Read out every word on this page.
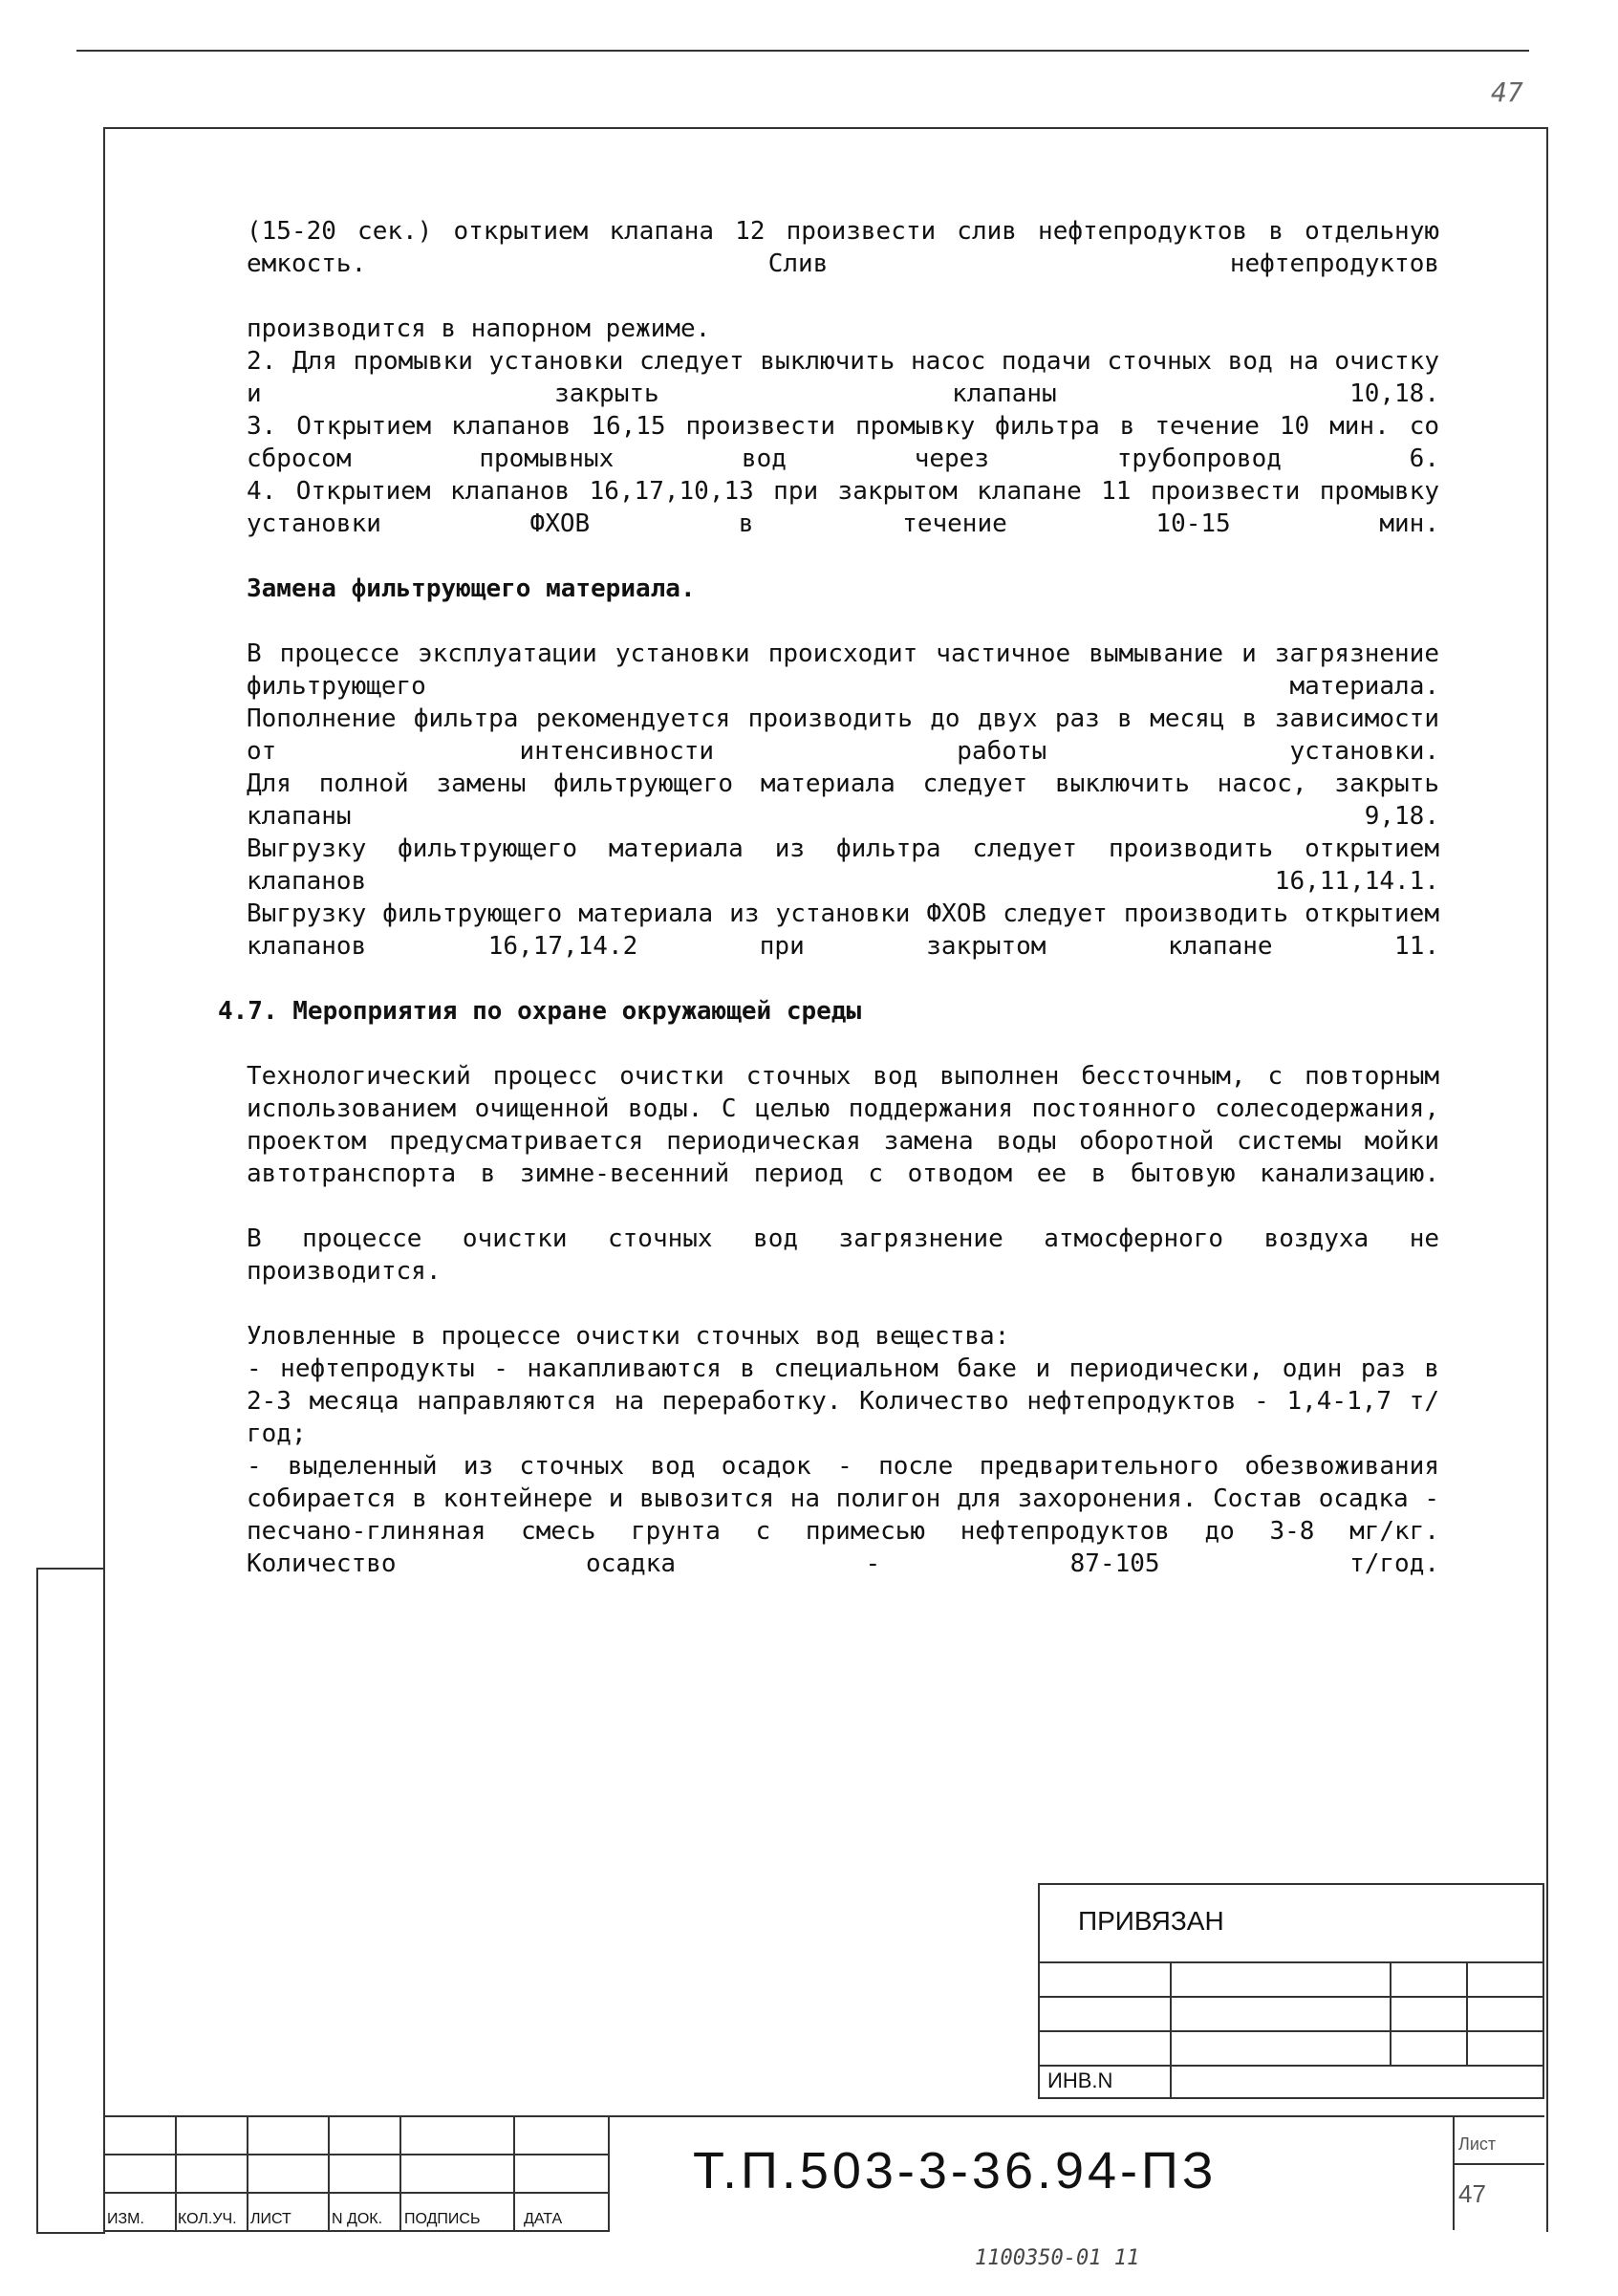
47

(15-20 сек.) открытием клапана 12 произвести слив нефтепродуктов в отдельную емкость. Слив нефтепродуктов

производится в напорном режиме.

2. Для промывки установки следует выключить насос подачи сточных вод на очистку и закрыть клапаны 10,18.

3. Открытием клапанов 16,15 произвести промывку фильтра в течение 10 мин. со сбросом промывных вод через трубопровод 6.

4. Открытием клапанов 16,17,10,13 при закрытом клапане 11 произвести промывку установки ФХОВ в течение 10-15 мин.

Замена фильтрующего материала.

В процессе эксплуатации установки происходит частичное вымывание и загрязнение фильтрующего материала.

Пополнение фильтра рекомендуется производить до двух раз в месяц в зависимости от интенсивности работы установки.

Для полной замены фильтрующего материала следует выключить насос, закрыть клапаны 9,18.

Выгрузку фильтрующего материала из фильтра следует производить открытием клапанов 16,11,14.1.

Выгрузку фильтрующего материала из установки ФХОВ следует производить открытием клапанов 16,17,14.2 при закрытом клапане 11.

4.7. Мероприятия по охране окружающей среды

Технологический процесс очистки сточных вод выполнен бессточным, с повторным использованием очищенной воды. С целью поддержания постоянного солесодержания, проектом предусматривается периодическая замена воды оборотной системы мойки автотранспорта в зимне-весенний период с отводом ее в бытовую канализацию.

В процессе очистки сточных вод загрязнение атмосферного воздуха не производится.

Уловленные в процессе очистки сточных вод вещества:

- нефтепродукты - накапливаются в специальном баке и периодически, один раз в 2-3 месяца направляются на переработку. Количество нефтепродуктов - 1,4-1,7 т/год;

- выделенный из сточных вод осадок - после предварительного обезвоживания собирается в контейнере и вывозится на полигон для захоронения. Состав осадка - песчано-глиняная смесь грунта с примесью нефтепродуктов до 3-8 мг/кг. Количество осадка - 87-105 т/год.

ПРИВЯЗАН
ИНВ.N

ИЗМ. КОЛ.УЧ. ЛИСТ	N ДОК. ПОДПИСЬ	ДАТА
Т.П.503-3-36.94-ПЗ	Лист
47
1100350-01 11
